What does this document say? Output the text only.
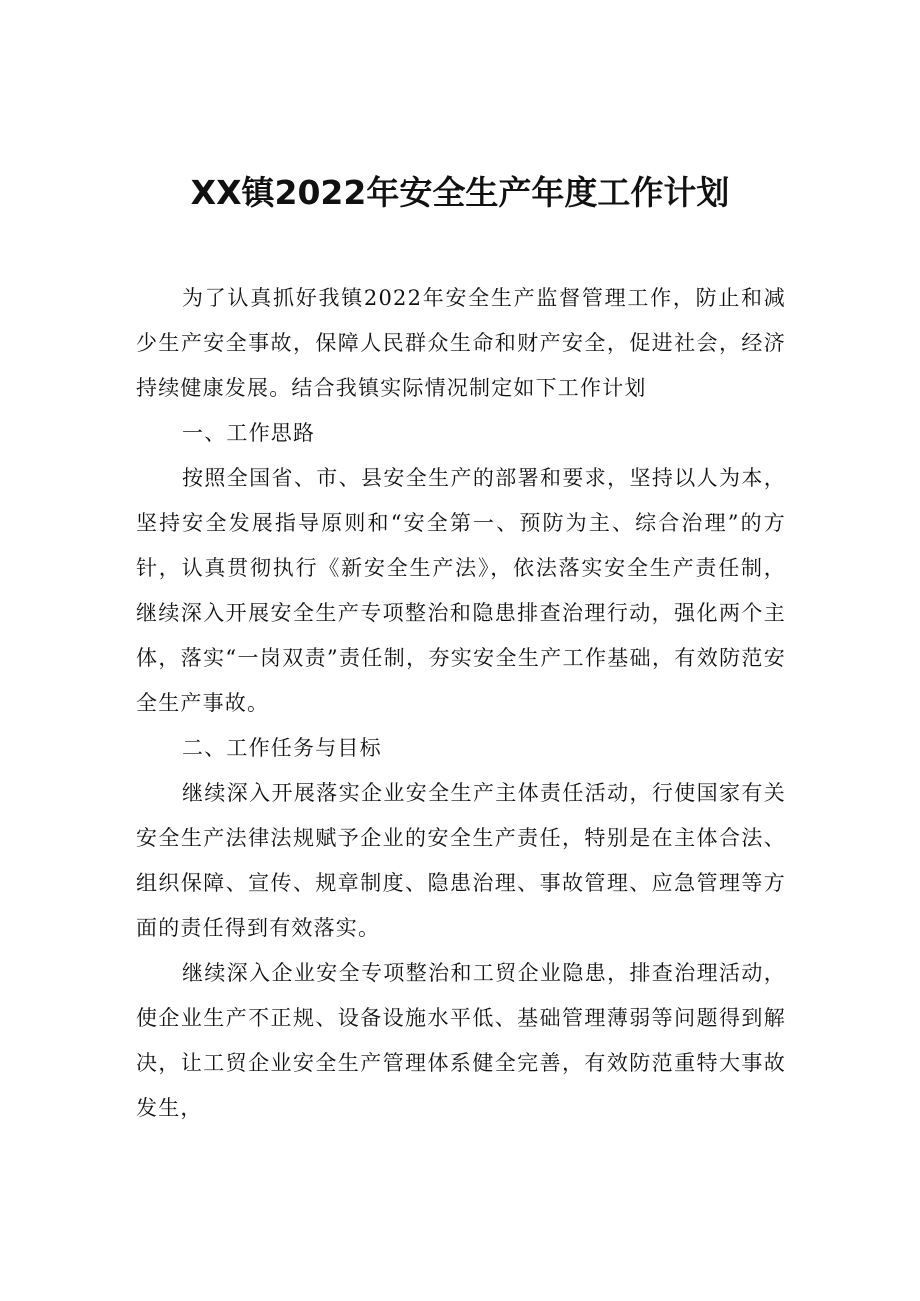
XX镇2022年安全生产年度工作计划

为了认真抓好我镇2022年安全生产监督管理工作，防止和减少生产安全事故，保障人民群众生命和财产安全，促进社会，经济持续健康发展。结合我镇实际情况制定如下工作计划

一、工作思路

按照全国省、市、县安全生产的部署和要求，坚持以人为本，坚持安全发展指导原则和“安全第一、预防为主、综合治理”的方针，认真贯彻执行《新安全生产法》，依法落实安全生产责任制，继续深入开展安全生产专项整治和隐患排查治理行动，强化两个主体，落实“一岗双责”责任制，夯实安全生产工作基础，有效防范安全生产事故。

二、工作任务与目标

继续深入开展落实企业安全生产主体责任活动，行使国家有关安全生产法律法规赋予企业的安全生产责任，特别是在主体合法、组织保障、宣传、规章制度、隐患治理、事故管理、应急管理等方面的责任得到有效落实。

继续深入企业安全专项整治和工贸企业隐患，排查治理活动，使企业生产不正规、设备设施水平低、基础管理薄弱等问题得到解决，让工贸企业安全生产管理体系健全完善，有效防范重特大事故发生，
